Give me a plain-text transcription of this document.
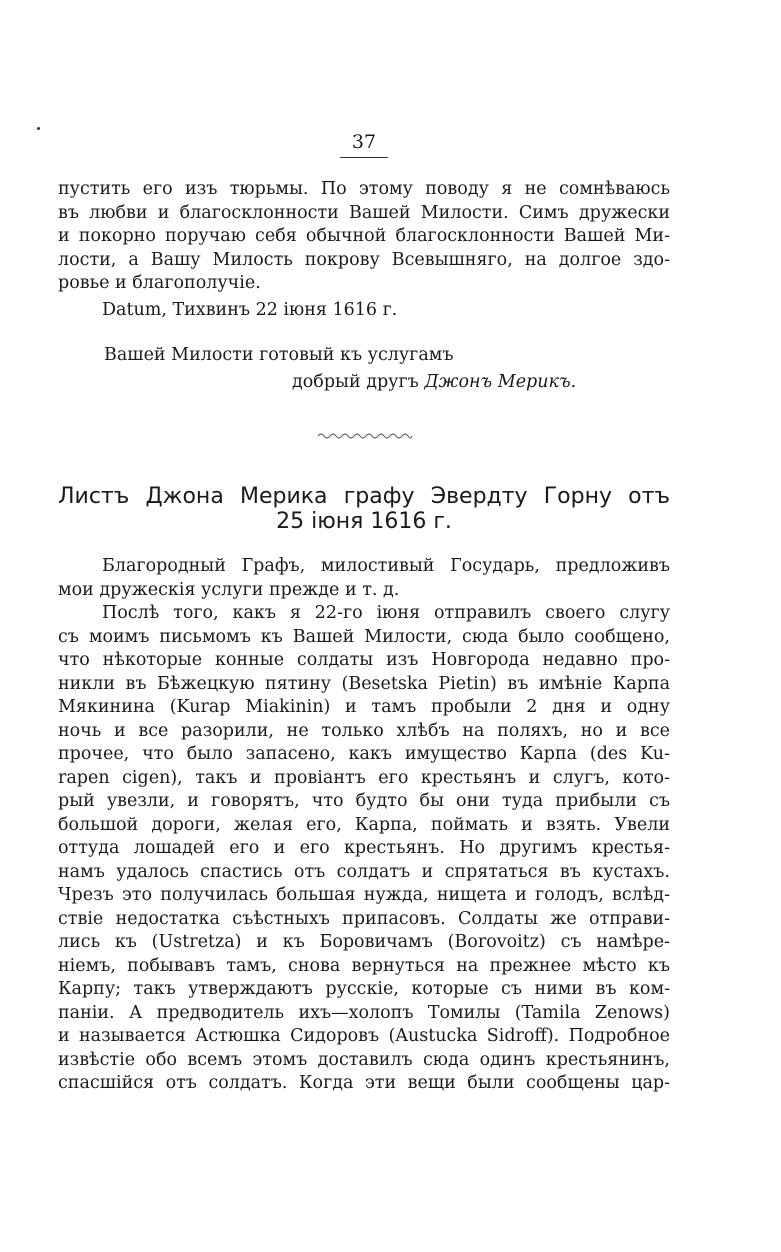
37
пустить его изъ тюрьмы. По этому поводу я не сомнѣваюсь
въ любви и благосклонности Вашей Милости. Симъ дружески
и покорно поручаю себя обычной благосклонности Вашей Ми-
лости, а Вашу Милость покрову Всевышняго, на долгое здо-
ровье и благополучіе.
Datum, Тихвинъ 22 іюня 1616 г.
Вашей Милости готовый къ услугамъ
добрый другъ Джонъ Мерикъ.
Листъ Джона Мерика графу Эвердту Горну отъ
25 іюня 1616 г.
Благородный Графъ, милостивый Государь, предложивъ
мои дружескія услуги прежде и т. д.
Послѣ того, какъ я 22-го іюня отправилъ своего слугу
съ моимъ письмомъ къ Вашей Милости, сюда было сообщено,
что нѣкоторые конные солдаты изъ Новгорода недавно про-
никли въ Бѣжецкую пятину (Besetska Pietin) въ имѣніе Карпа
Мякинина (Kurap Miakinin) и тамъ пробыли 2 дня и одну
ночь и все разорили, не только хлѣбъ на поляхъ, но и все
прочее, что было запасено, какъ имущество Карпа (des Ku-
rapen cigen), такъ и провіантъ его крестьянъ и слугъ, кото-
рый увезли, и говорятъ, что будто бы они туда прибыли съ
большой дороги, желая его, Карпа, поймать и взять. Увели
оттуда лошадей его и его крестьянъ. Но другимъ крестья-
намъ удалось спастись отъ солдатъ и спрятаться въ кустахъ.
Чрезъ это получилась большая нужда, нищета и голодъ, вслѣд-
ствіе недостатка съѣстныхъ припасовъ. Солдаты же отправи-
лись къ (Ustretza) и къ Боровичамъ (Borovoitz) съ намѣре-
ніемъ, побывавъ тамъ, снова вернуться на прежнее мѣсто къ
Карпу; такъ утверждаютъ русскіе, которые съ ними въ ком-
паніи. А предводитель ихъ—холопъ Томилы (Tamila Zenows)
и называется Астюшка Сидоровъ (Austucka Sidroff). Подробное
извѣстіе обо всемъ этомъ доставилъ сюда одинъ крестьянинъ,
спасшійся отъ солдатъ. Когда эти вещи были сообщены цар-
